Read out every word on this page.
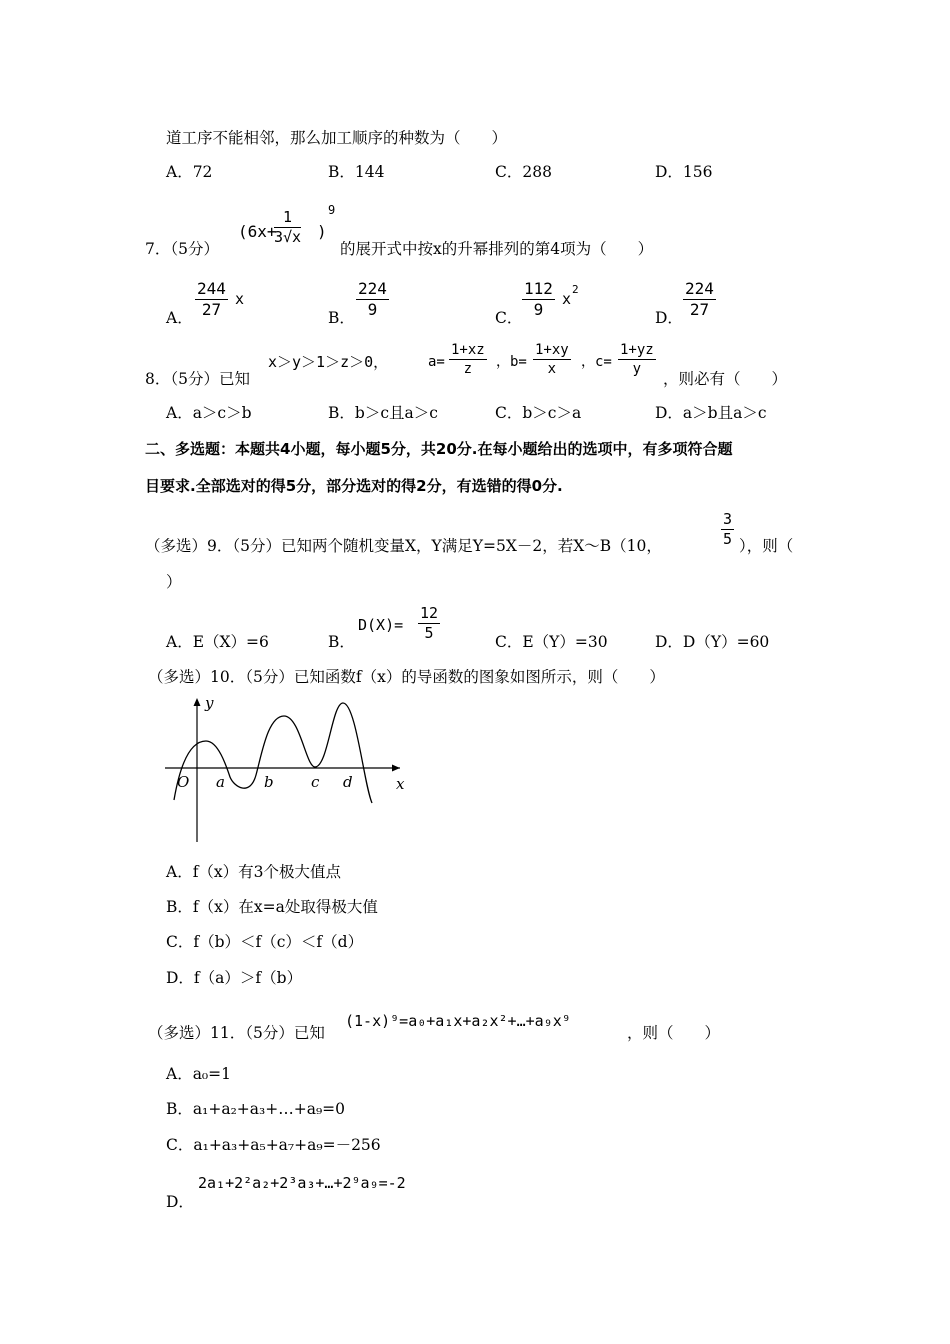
道工序不能相邻，那么加工顺序的种数为（　　）
A．72	B．144	C．288	D．156
7．（5分）
(6x+
$\frac{1}{3√x}$ )
9
的展开式中按x的升幂排列的第4项为（　　）
A． $\frac{244}{27}$ x
B． $\frac{224}{9}$	C． $\frac{112}{9}$ x
2
D． $\frac{224}{27}$
8．（5分）已知
x＞y＞1＞z＞0，	$a= \frac{1+xz}{z}$ ，$b= \frac{1+xy}{x}$ ，$c= \frac{1+yz}{y}$
，则必有（　　）
A．a＞c＞b	B．b＞c且a＞c	C．b＞c＞a	D．a＞b且a＞c
二、多选题：本题共4小题，每小题5分，共20分.在每小题给出的选项中，有多项符合题
目要求.全部选对的得5分，部分选对的得2分，有选错的得0分.
（多选）9．（5分）已知两个随机变量X，Y满足Y=5X－2，若X～B（10，	$\frac{3}{5}$ ），则（
）
A．E（X）=6	B．
$D(X)= \frac{12}{5}$
C．E（Y）=30	D．D（Y）=60
（多选）10．（5分）已知函数f（x）的导函数的图象如图所示，则（　　）
y
x
O a	b c d
A．f（x）有3个极大值点
B．f（x）在x=a处取得极大值
C．f（b）＜f（c）＜f（d）
D．f（a）＞f（b）
（多选）11．（5分）已知
(1-x)⁹=a₀+a₁x+a₂x²+…+a₉x⁹
，则（　　）
A．a₀=1
B．a₁+a₂+a₃+…+a₉=0
C．a₁+a₃+a₅+a₇+a₉=－256
D．
2a₁+2²a₂+2³a₃+…+2⁹a₉=-2
